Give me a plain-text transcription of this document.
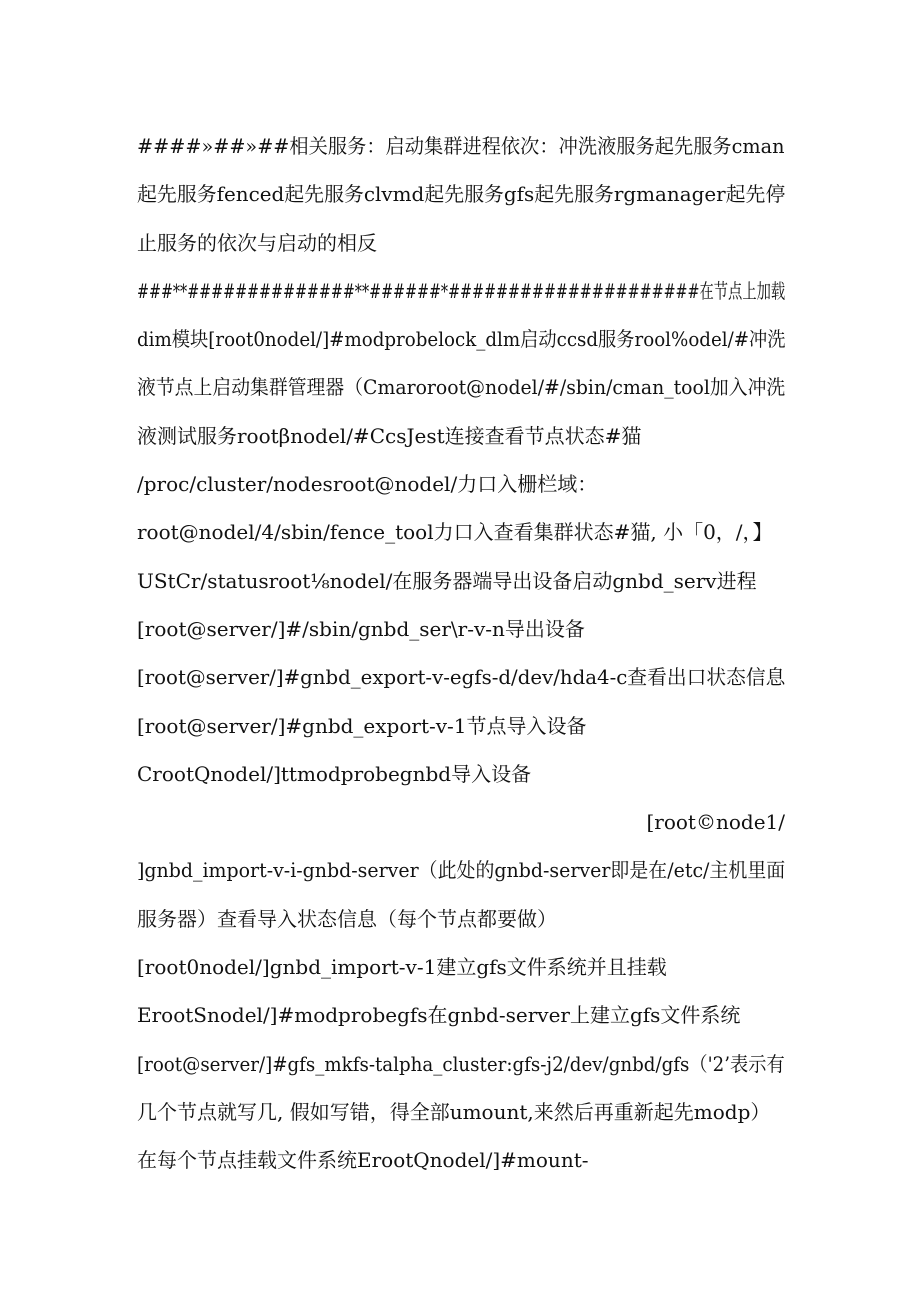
####»##»##相关服务：启动集群进程依次：冲洗液服务起先服务cman
起先服务fenced起先服务clvmd起先服务gfs起先服务rgmanager起先停
止服务的依次与启动的相反
###**##############**######*#####################在节点上加载
dim模块[root0nodel/]#modprobelock_dlm启动ccsd服务rool%odel/#冲洗
液节点上启动集群管理器（Cmaroroot@nodel/#∕sbin∕cman_tool加入冲洗
液测试服务rootβnodel/#CcsJest连接查看节点状态#猫
∕proc∕cluster/nodesroot@nodel/力口入栅栏域：
root@nodel/4/sbin/fence_tool力口入查看集群状态#猫, 小「0，/，】
UStCr/statusroot⅛nodel/在服务器端导出设备启动gnbd_serv进程
[root@server/]#/sbin/gnbd_ser\r-v-n导出设备
[root@server/]#gnbd_export-v-egfs-d/dev/hda4-c查看出口状态信息
[root@server/]#gnbd_export-v-1节点导入设备
CrootQnodel∕]ttmodprobegnbd导入设备
[root©node1/
]gnbd_import-v-i-gnbd-server（此处的gnbd-server即是在/etc/主机里面
服务器）查看导入状态信息（每个节点都要做）
[root0nodel/]gnbd_import-v-1建立gfs文件系统并且挂载
ErootSnodel/]#modprobegfs在gnbd-server上建立gfs文件系统
[root@server/]#gfs_mkfs-talpha_cluster:gfs-j2/dev/gnbd/gfs（'2’表示有
几个节点就写几, 假如写错，得全部umount,来然后再重新起先modp）
在每个节点挂载文件系统ErootQnodel/]#mount-
